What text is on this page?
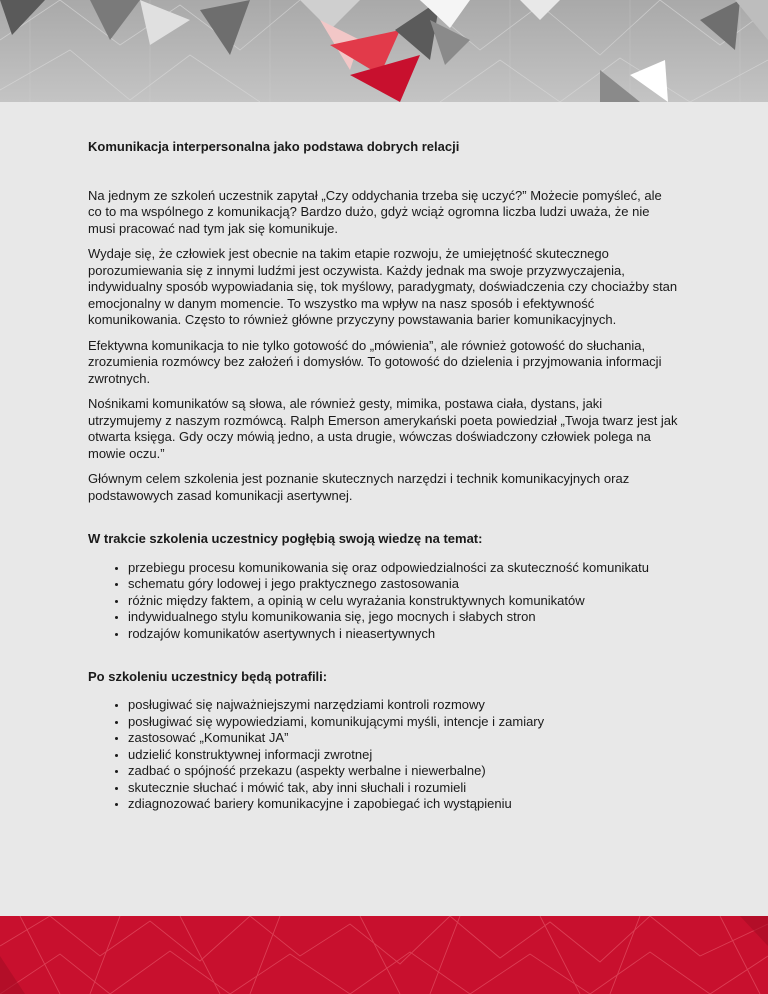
Komunikacja interpersonalna jako podstawa dobrych relacji

Na jednym ze szkoleń uczestnik zapytał „Czy oddychania trzeba się uczyć?” Możecie pomyśleć, ale co to ma wspólnego z komunikacją? Bardzo dużo, gdyż wciąż ogromna liczba ludzi uważa, że nie musi pracować nad tym jak się komunikuje.

Wydaje się, że człowiek jest obecnie na takim etapie rozwoju, że umiejętność skutecznego porozumiewania się z innymi ludźmi jest oczywista. Każdy jednak ma swoje przyzwyczajenia, indywidualny sposób wypowiadania się, tok myślowy, paradygmaty, doświadczenia czy chociażby stan emocjonalny w danym momencie. To wszystko ma wpływ na nasz sposób i efektywność komunikowania. Często to również główne przyczyny powstawania barier komunikacyjnych.

Efektywna komunikacja to nie tylko gotowość do „mówienia”, ale również gotowość do słuchania, zrozumienia rozmówcy bez założeń i domysłów. To gotowość do dzielenia i przyjmowania informacji zwrotnych.

Nośnikami komunikatów są słowa, ale również gesty, mimika, postawa ciała, dystans, jaki utrzymujemy z naszym rozmówcą. Ralph Emerson amerykański poeta powiedział „Twoja twarz jest jak otwarta księga. Gdy oczy mówią jedno, a usta drugie, wówczas doświadczony człowiek polega na mowie oczu.”

Głównym celem szkolenia jest poznanie skutecznych narzędzi i technik komunikacyjnych oraz podstawowych zasad komunikacji asertywnej.

W trakcie szkolenia uczestnicy pogłębią swoją wiedzę na temat:

• przebiegu procesu komunikowania się oraz odpowiedzialności za skuteczność komunikatu
• schematu góry lodowej i jego praktycznego zastosowania
• różnic między faktem, a opinią w celu wyrażania konstruktywnych komunikatów
• indywidualnego stylu komunikowania się, jego mocnych i słabych stron
• rodzajów komunikatów asertywnych i nieasertywnych

Po szkoleniu uczestnicy będą potrafili:

• posługiwać się najważniejszymi narzędziami kontroli rozmowy
• posługiwać się wypowiedziami, komunikującymi myśli, intencje i zamiary
• zastosować „Komunikat JA”
• udzielić konstruktywnej informacji zwrotnej
• zadbać o spójność przekazu (aspekty werbalne i niewerbalne)
• skutecznie słuchać i mówić tak, aby inni słuchali i rozumieli
• zdiagnozować bariery komunikacyjne i zapobiegać ich wystąpieniu
